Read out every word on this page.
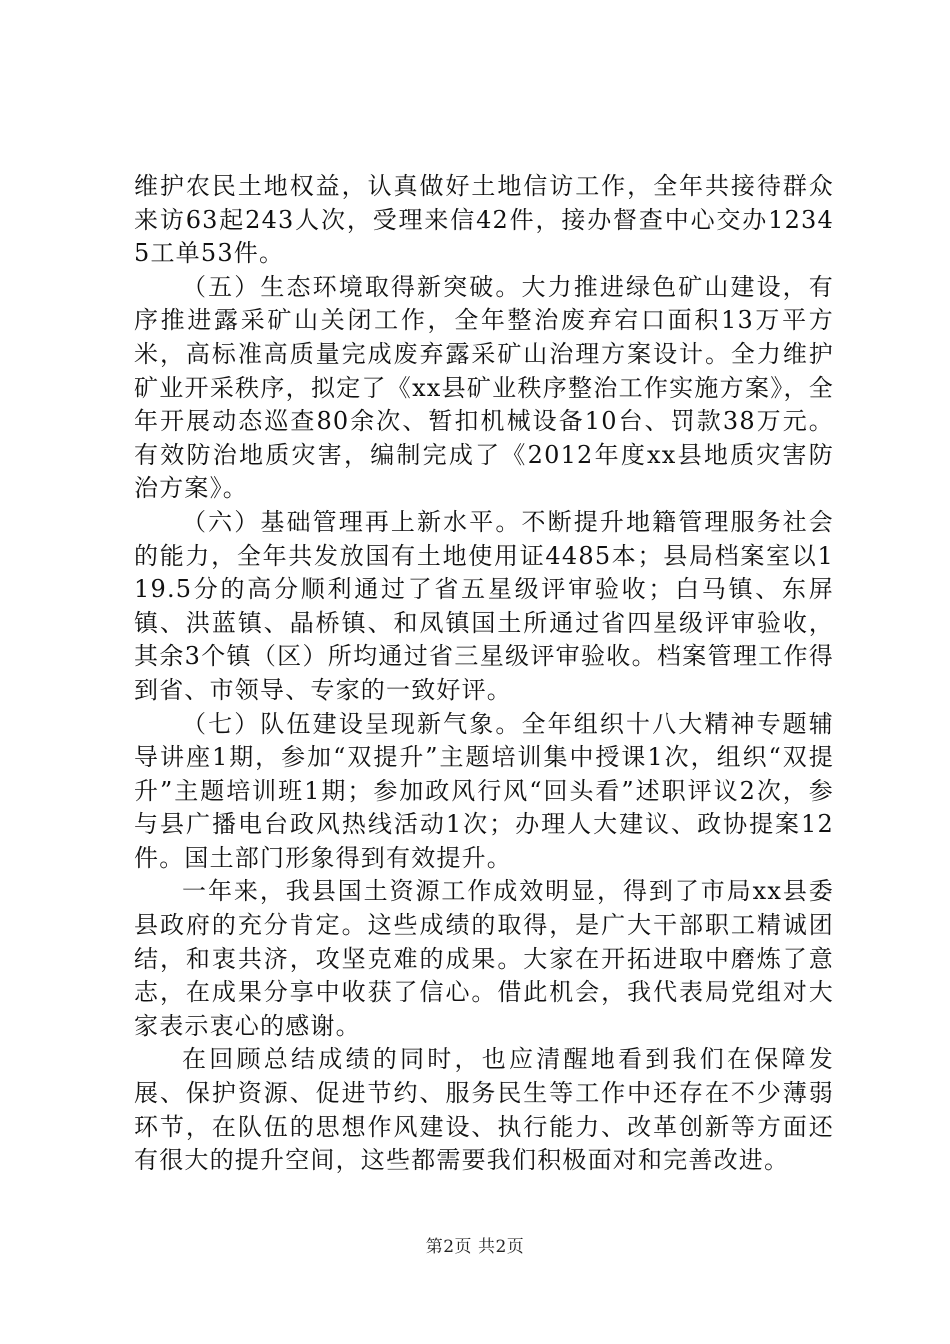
维护农民土地权益，认真做好土地信访工作，全年共接待群众来访63起243人次，受理来信42件，接办督查中心交办12345工单53件。

（五）生态环境取得新突破。大力推进绿色矿山建设，有序推进露采矿山关闭工作，全年整治废弃宕口面积13万平方米，高标准高质量完成废弃露采矿山治理方案设计。全力维护矿业开采秩序，拟定了《xx县矿业秩序整治工作实施方案》，全年开展动态巡查80余次、暂扣机械设备10台、罚款38万元。有效防治地质灾害，编制完成了《2012年度xx县地质灾害防治方案》。

（六）基础管理再上新水平。不断提升地籍管理服务社会的能力，全年共发放国有土地使用证4485本；县局档案室以119.5分的高分顺利通过了省五星级评审验收；白马镇、东屏镇、洪蓝镇、晶桥镇、和凤镇国土所通过省四星级评审验收，其余3个镇（区）所均通过省三星级评审验收。档案管理工作得到省、市领导、专家的一致好评。

（七）队伍建设呈现新气象。全年组织十八大精神专题辅导讲座1期，参加“双提升”主题培训集中授课1次，组织“双提升”主题培训班1期；参加政风行风“回头看”述职评议2次，参与县广播电台政风热线活动1次；办理人大建议、政协提案12件。国土部门形象得到有效提升。

一年来，我县国土资源工作成效明显，得到了市局xx县委县政府的充分肯定。这些成绩的取得，是广大干部职工精诚团结，和衷共济，攻坚克难的成果。大家在开拓进取中磨炼了意志，在成果分享中收获了信心。借此机会，我代表局党组对大家表示衷心的感谢。

在回顾总结成绩的同时，也应清醒地看到我们在保障发展、保护资源、促进节约、服务民生等工作中还存在不少薄弱环节，在队伍的思想作风建设、执行能力、改革创新等方面还有很大的提升空间，这些都需要我们积极面对和完善改进。

第2页 共2页
